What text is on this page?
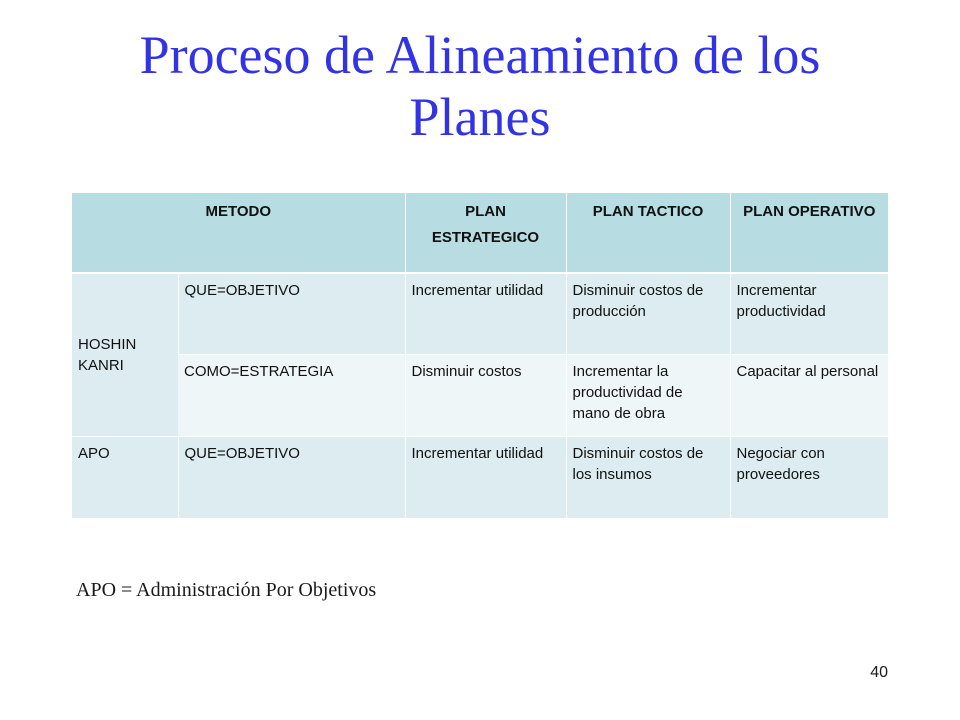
Proceso de Alineamiento de los
Planes
METODO		PLAN ESTRATEGICO	PLAN TACTICO	PLAN OPERATIVO
HOSHIN KANRI	QUE=OBJETIVO	Incrementar utilidad	Disminuir costos de producción	Incrementar productividad
	COMO=ESTRATEGIA	Disminuir costos	Incrementar la productividad de mano de obra	Capacitar al personal
APO	QUE=OBJETIVO	Incrementar utilidad	Disminuir costos de los insumos	Negociar con proveedores
APO = Administración Por Objetivos
40
